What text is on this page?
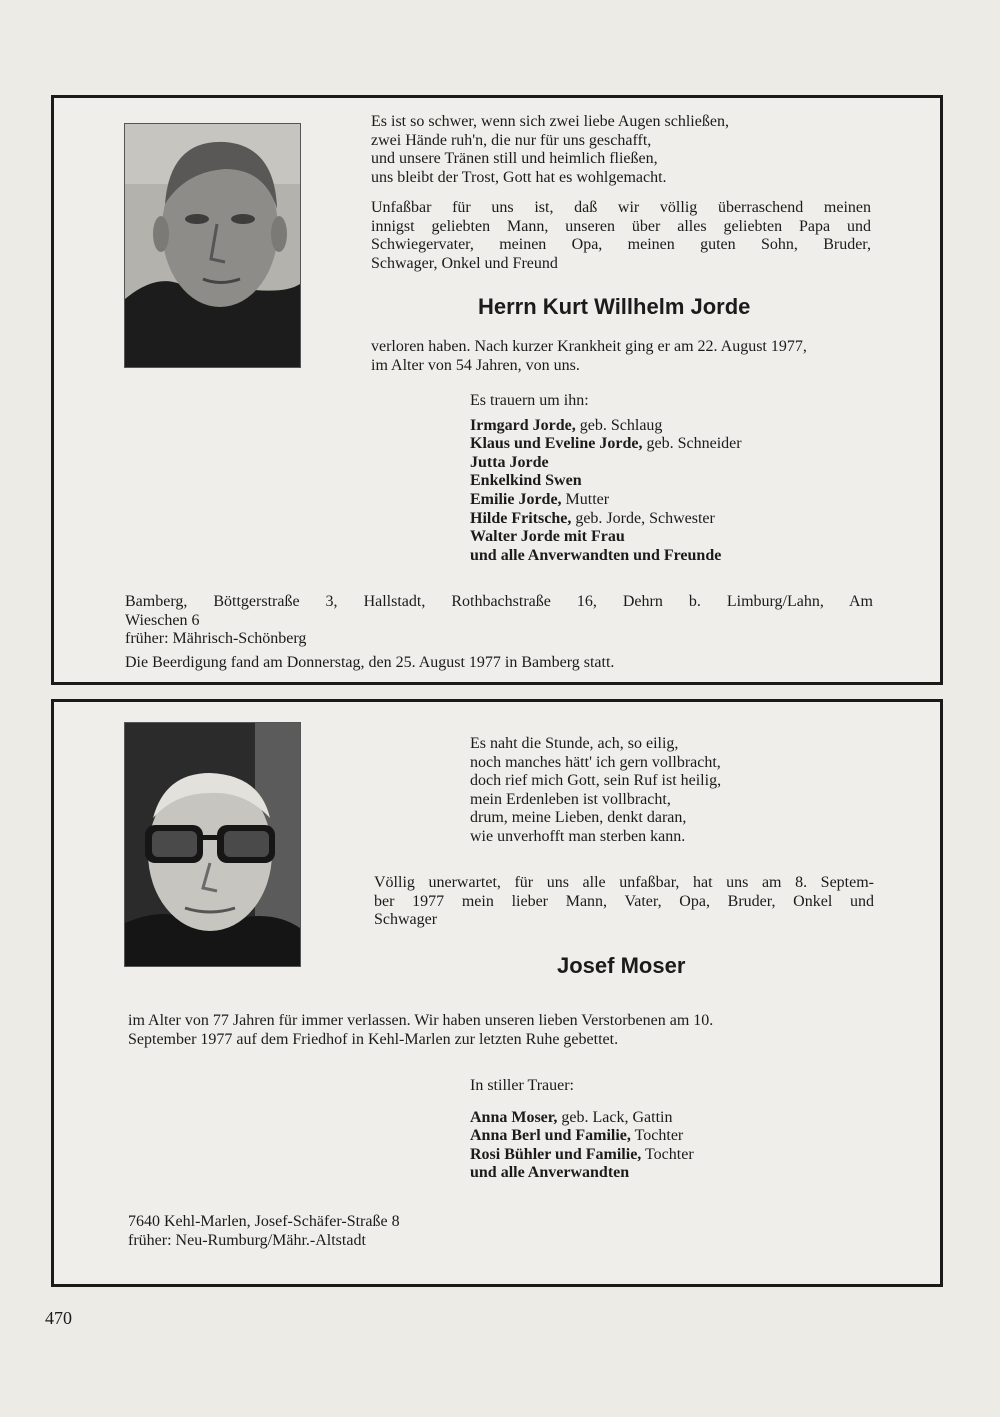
Es ist so schwer, wenn sich zwei liebe Augen schließen,
zwei Hände ruh'n, die nur für uns geschafft,
und unsere Tränen still und heimlich fließen,
uns bleibt der Trost, Gott hat es wohlgemacht.
Unfaßbar für uns ist, daß wir völlig überraschend meinen
innigst geliebten Mann, unseren über alles geliebten Papa und
Schwiegervater, meinen Opa, meinen guten Sohn, Bruder,
Schwager, Onkel und Freund
Herrn Kurt Willhelm Jorde
verloren haben. Nach kurzer Krankheit ging er am 22. August 1977,
im Alter von 54 Jahren, von uns.
Es trauern um ihn:
Irmgard Jorde, geb. Schlaug
Klaus und Eveline Jorde, geb. Schneider
Jutta Jorde
Enkelkind Swen
Emilie Jorde, Mutter
Hilde Fritsche, geb. Jorde, Schwester
Walter Jorde mit Frau
und alle Anverwandten und Freunde
Bamberg, Böttgerstraße 3, Hallstadt, Rothbachstraße 16, Dehrn b. Limburg/Lahn, Am
Wieschen 6
früher: Mährisch-Schönberg
Die Beerdigung fand am Donnerstag, den 25. August 1977 in Bamberg statt.
Es naht die Stunde, ach, so eilig,
noch manches hätt' ich gern vollbracht,
doch rief mich Gott, sein Ruf ist heilig,
mein Erdenleben ist vollbracht,
drum, meine Lieben, denkt daran,
wie unverhofft man sterben kann.
Völlig unerwartet, für uns alle unfaßbar, hat uns am 8. Septem-
ber 1977 mein lieber Mann, Vater, Opa, Bruder, Onkel und
Schwager
Josef Moser
im Alter von 77 Jahren für immer verlassen. Wir haben unseren lieben Verstorbenen am 10.
September 1977 auf dem Friedhof in Kehl-Marlen zur letzten Ruhe gebettet.
In stiller Trauer:
Anna Moser, geb. Lack, Gattin
Anna Berl und Familie, Tochter
Rosi Bühler und Familie, Tochter
und alle Anverwandten
7640 Kehl-Marlen, Josef-Schäfer-Straße 8
früher: Neu-Rumburg/Mähr.-Altstadt
470
